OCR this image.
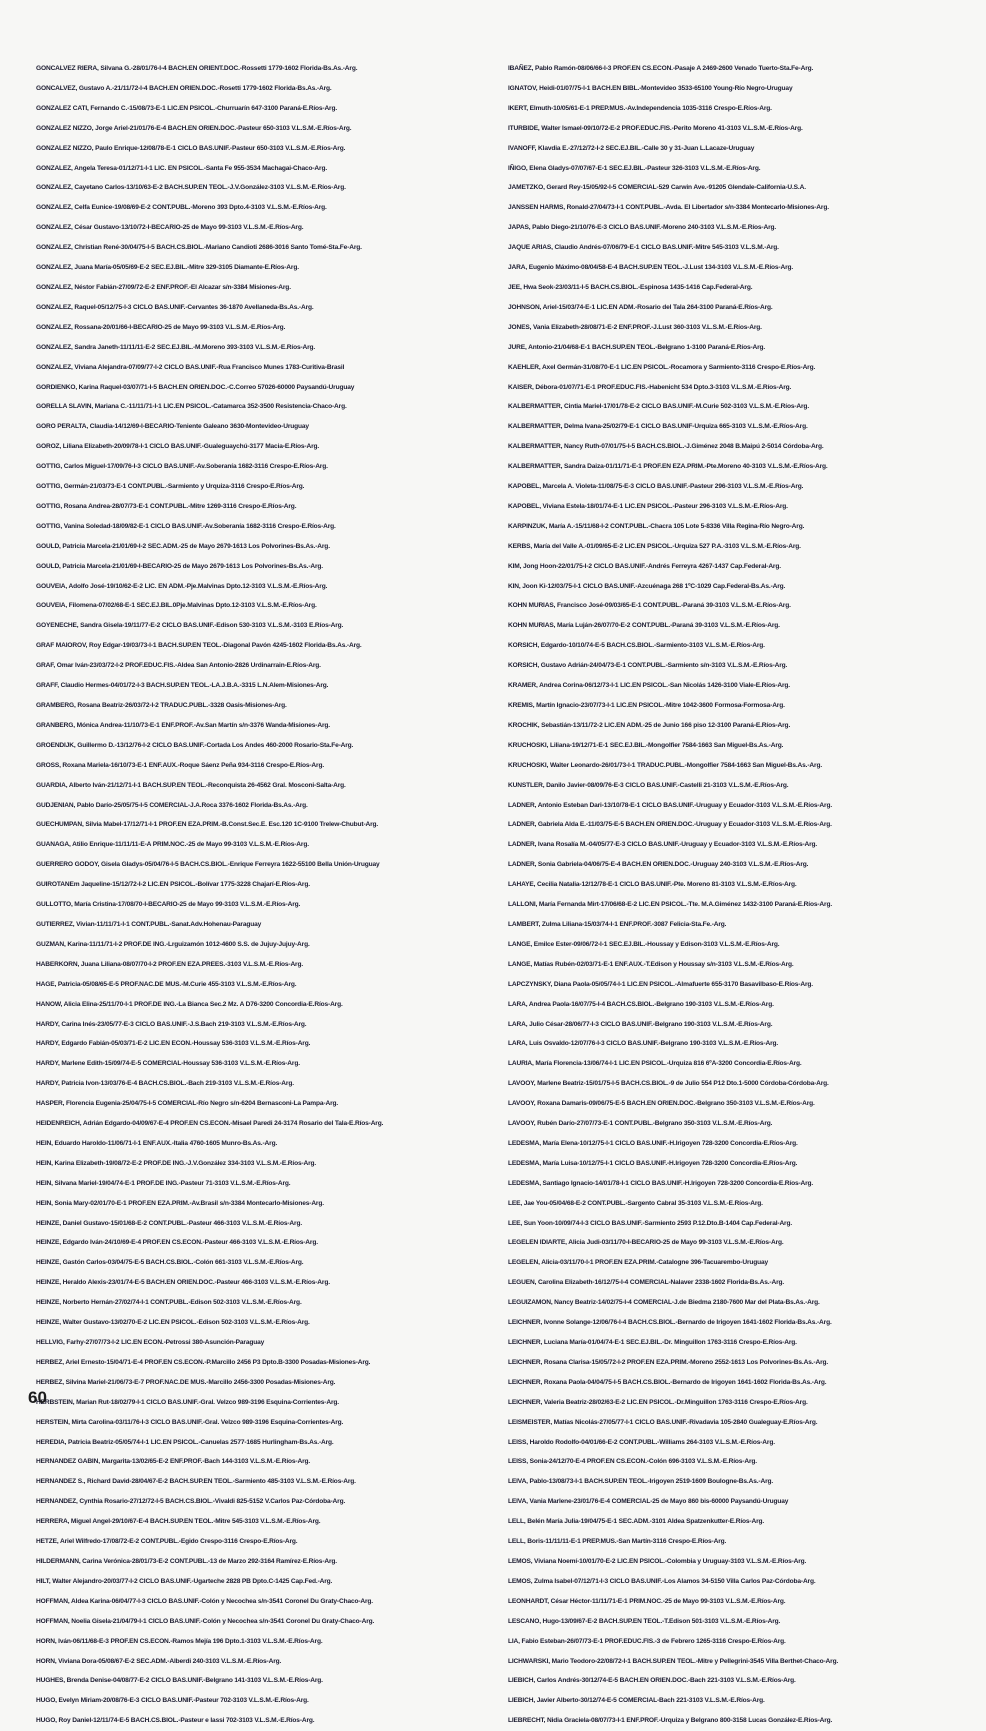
GONCALVEZ RIERA, Silvana G.-28/01/76-I-4 BACH.EN ORIENT.DOC.-Rossetti 1779-1602 Florida-Bs.As.-Arg.
GONCALVEZ, Gustavo A.-21/11/72-I-4 BACH.EN ORIEN.DOC.-Rosetti 1779-1602 Florida-Bs.As.-Arg.
GONZALEZ CATI, Fernando C.-15/08/73-E-1 LIC.EN PSICOL.-Churruarín 647-3100 Paraná-E.Ríos-Arg.
GONZALEZ NIZZO, Jorge Ariel-21/01/76-E-4 BACH.EN ORIEN.DOC.-Pasteur 650-3103 V.L.S.M.-E.Ríos-Arg.
GONZALEZ NIZZO, Paulo Enrique-12/08/78-E-1 CICLO BAS.UNIF.-Pasteur 650-3103 V.L.S.M.-E.Ríos-Arg.
GONZALEZ, Angela Teresa-01/12/71-I-1 LIC. EN PSICOL.-Santa Fe 955-3534 Machagai-Chaco-Arg.
GONZALEZ, Cayetano Carlos-13/10/63-E-2 BACH.SUP.EN TEOL.-J.V.González-3103 V.L.S.M.-E.Ríos-Arg.
GONZALEZ, Celfa Eunice-19/08/69-E-2 CONT.PUBL.-Moreno 393 Dpto.4-3103 V.L.S.M.-E.Ríos-Arg.
GONZALEZ, César Gustavo-13/10/72-I-BECARIO-25 de Mayo 99-3103 V.L.S.M.-E.Ríos-Arg.
GONZALEZ, Christian René-30/04/75-I-5 BACH.CS.BIOL.-Mariano Candioti 2686-3016 Santo Tomé-Sta.Fe-Arg.
GONZALEZ, Juana María-05/05/69-E-2 SEC.EJ.BIL.-Mitre 329-3105 Diamante-E.Ríos-Arg.
GONZALEZ, Néstor Fabián-27/09/72-E-2 ENF.PROF.-El Alcazar s/n-3384 Misiones-Arg.
GONZALEZ, Raquel-05/12/75-I-3 CICLO BAS.UNIF.-Cervantes 36-1870 Avellaneda-Bs.As.-Arg.
GONZALEZ, Rossana-20/01/66-I-BECARIO-25 de Mayo 99-3103 V.L.S.M.-E.Ríos-Arg.
GONZALEZ, Sandra Janeth-11/11/11-E-2 SEC.EJ.BIL.-M.Moreno 393-3103 V.L.S.M.-E.Ríos-Arg.
GONZALEZ, Viviana Alejandra-07/09/77-I-2 CICLO BAS.UNIF.-Rua Francisco Munes 1783-Curitiva-Brasil
GORDIENKO, Karina Raquel-03/07/71-I-5 BACH.EN ORIEN.DOC.-C.Correo 57026-60000 Paysandú-Uruguay
GORELLA SLAVIN, Mariana C.-11/11/71-I-1 LIC.EN PSICOL.-Catamarca 352-3500 Resistencia-Chaco-Arg.
GORO PERALTA, Claudia-14/12/69-I-BECARIO-Teniente Galeano 3630-Montevideo-Uruguay
GOROZ, Liliana Elizabeth-20/09/78-I-1 CICLO BAS.UNIF.-Gualeguaychú-3177 Macia-E.Ríos-Arg.
GOTTIG, Carlos Miguel-17/09/76-I-3 CICLO BAS.UNIF.-Av.Soberanía 1682-3116 Crespo-E.Ríos-Arg.
GOTTIG, Germán-21/03/73-E-1 CONT.PUBL.-Sarmiento y Urquiza-3116 Crespo-E.Ríos-Arg.
GOTTIG, Rosana Andrea-28/07/73-E-1 CONT.PUBL.-Mitre 1269-3116 Crespo-E.Ríos-Arg.
GOTTIG, Vanina Soledad-18/09/82-E-1 CICLO BAS.UNIF.-Av.Soberanía 1682-3116 Crespo-E.Ríos-Arg.
GOULD, Patricia Marcela-21/01/69-I-2 SEC.ADM.-25 de Mayo 2679-1613 Los Polvorines-Bs.As.-Arg.
GOULD, Patricia Marcela-21/01/69-I-BECARIO-25 de Mayo 2679-1613 Los Polvorines-Bs.As.-Arg.
GOUVEIA, Adolfo José-19/10/62-E-2 LIC. EN ADM.-Pje.Malvinas Dpto.12-3103 V.L.S.M.-E.Ríos-Arg.
GOUVEIA, Filomena-07/02/68-E-1 SEC.EJ.BIL.0Pje.Malvinas Dpto.12-3103 V.L.S.M.-E.Ríos-Arg.
GOYENECHE, Sandra Gisela-19/11/77-E-2 CICLO BAS.UNIF.-Edison 530-3103 V.L.S.M.-3103 E.Ríos-Arg.
GRAF MAIOROV, Roy Edgar-19/03/73-I-1 BACH.SUP.EN TEOL.-Diagonal Pavón 4245-1602 Florida-Bs.As.-Arg.
GRAF, Omar Iván-23/03/72-I-2 PROF.EDUC.FIS.-Aldea San Antonio-2826 Urdinarrain-E.Ríos-Arg.
GRAFF, Claudio Hermes-04/01/72-I-3 BACH.SUP.EN TEOL.-LA.J.B.A.-3315 L.N.Alem-Misiones-Arg.
GRAMBERG, Rosana Beatriz-26/03/72-I-2 TRADUC.PUBL.-3328 Oasis-Misiones-Arg.
GRANBERG, Mónica Andrea-11/10/73-E-1 ENF.PROF.-Av.San Martín s/n-3376 Wanda-Misiones-Arg.
GROENDIJK, Guillermo D.-13/12/76-I-2 CICLO BAS.UNIF.-Cortada Los Andes 460-2000 Rosario-Sta.Fe-Arg.
GROSS, Roxana Mariela-16/10/73-E-1 ENF.AUX.-Roque Sáenz Peña 934-3116 Crespo-E.Ríos-Arg.
GUARDIA, Alberto Iván-21/12/71-I-1 BACH.SUP.EN TEOL.-Reconquista 26-4562 Gral. Mosconi-Salta-Arg.
GUDJENIAN, Pablo Darío-25/05/75-I-5 COMERCIAL-J.A.Roca 3376-1602 Florida-Bs.As.-Arg.
GUECHUMPAN, Silvia Mabel-17/12/71-I-1 PROF.EN EZA.PRIM.-B.Const.Sec.E. Esc.120 1C-9100 Trelew-Chubut-Arg.
GUANAGA, Atilio Enrique-11/11/11-E-A PRIM.NOC.-25 de Mayo 99-3103 V.L.S.M.-E.Ríos-Arg.
GUERRERO GODOY, Gisela Gladys-05/04/76-I-5 BACH.CS.BIOL.-Enrique Ferreyra 1622-55100 Bella Unión-Uruguay
GUIROTANEm Jaqueline-15/12/72-I-2 LIC.EN PSICOL.-Bolívar 1775-3228 Chajarí-E.Ríos-Arg.
GULLOTTO, María Cristina-17/08/70-I-BECARIO-25 de Mayo 99-3103 V.L.S.M.-E.Ríos-Arg.
GUTIERREZ, Vivian-11/11/71-I-1 CONT.PUBL.-Sanat.Adv.Hohenau-Paraguay
GUZMAN, Karina-11/11/71-I-2 PROF.DE ING.-Lrguizamón 1012-4600 S.S. de Jujuy-Jujuy-Arg.
HABERKORN, Juana Liliana-08/07/70-I-2 PROF.EN EZA.PREES.-3103 V.L.S.M.-E.Ríos-Arg.
HAGE, Patricia-05/08/65-E-5 PROF.NAC.DE MUS.-M.Curie 455-3103 V.L.S.M.-E.Ríos-Arg.
HANOW, Alicia Elina-25/11/70-I-1 PROF.DE ING.-La Bianca Sec.2 Mz. A D76-3200 Concordia-E.Ríos-Arg.
HARDY, Carina Inés-23/05/77-E-3 CICLO BAS.UNIF.-J.S.Bach 219-3103 V.L.S.M.-E.Ríos-Arg.
HARDY, Edgardo Fabián-05/03/71-E-2 LIC.EN ECON.-Houssay 536-3103 V.L.S.M.-E.Ríos-Arg.
HARDY, Marlene Edith-15/09/74-E-5 COMERCIAL-Houssay 536-3103 V.L.S.M.-E.Ríos-Arg.
HARDY, Patricia Ivon-13/03/76-E-4 BACH.CS.BIOL.-Bach 219-3103 V.L.S.M.-E.Ríos-Arg.
HASPER, Florencia Eugenia-25/04/75-I-5 COMERCIAL-Río Negro s/n-6204 Bernasconi-La Pampa-Arg.
HEIDENREICH, Adrián Edgardo-04/09/67-E-4 PROF.EN CS.ECON.-Misael Paredi 24-3174 Rosario del Tala-E.Ríos-Arg.
HEIN, Eduardo Haroldo-11/06/71-I-1 ENF.AUX.-Italia 4760-1605 Munro-Bs.As.-Arg.
HEIN, Karina Elizabeth-19/08/72-E-2 PROF.DE ING.-J.V.González 334-3103 V.L.S.M.-E.Ríos-Arg.
HEIN, Silvana Mariel-19/04/74-E-1 PROF.DE ING.-Pasteur 71-3103 V.L.S.M.-E.Ríos-Arg.
HEIN, Sonia Mary-02/01/70-E-1 PROF.EN EZA.PRIM.-Av.Brasil s/n-3384 Montecarlo-Misiones-Arg.
HEINZE, Daniel Gustavo-15/01/68-E-2 CONT.PUBL.-Pasteur 466-3103 V.L.S.M.-E.Ríos-Arg.
HEINZE, Edgardo Iván-24/10/69-E-4 PROF.EN CS.ECON.-Pasteur 466-3103 V.L.S.M.-E.Ríos-Arg.
HEINZE, Gastón Carlos-03/04/75-E-5 BACH.CS.BIOL.-Colón 661-3103 V.L.S.M.-E.Ríos-Arg.
HEINZE, Heraldo Alexis-23/01/74-E-5 BACH.EN ORIEN.DOC.-Pasteur 466-3103 V.L.S.M.-E.Ríos-Arg.
HEINZE, Norberto Hernán-27/02/74-I-1 CONT.PUBL.-Edison 502-3103 V.L.S.M.-E.Ríos-Arg.
HEINZE, Walter Gustavo-13/02/70-E-2 LIC.EN PSICOL.-Edison 502-3103 V.L.S.M.-E.Ríos-Arg.
HELLVIG, Farhy-27/07/73-I-2 LIC.EN ECON.-Petrossi 380-Asunción-Paraguay
HERBEZ, Ariel Ernesto-15/04/71-E-4 PROF.EN CS.ECON.-P.Marcillo 2456 P3 Dpto.B-3300 Posadas-Misiones-Arg.
HERBEZ, Silvina Mariel-21/06/73-E-7 PROF.NAC.DE MUS.-Marcillo 2456-3300 Posadas-Misiones-Arg.
HERBSTEIN, Marian Rut-18/02/79-I-1 CICLO BAS.UNIF.-Gral. Velzco 989-3196 Esquina-Corrientes-Arg.
HERSTEIN, Mirta Carolina-03/11/76-I-3 CICLO BAS.UNIF.-Gral. Velzco 989-3196 Esquina-Corrientes-Arg.
HEREDIA, Patricia Beatriz-05/05/74-I-1 LIC.EN PSICOL.-Canuelas 2577-1685 Hurlingham-Bs.As.-Arg.
HERNANDEZ GABIN, Margarita-13/02/65-E-2 ENF.PROF.-Bach 144-3103 V.L.S.M.-E.Ríos-Arg.
HERNANDEZ S., Richard David-28/04/67-E-2 BACH.SUP.EN TEOL.-Sarmiento 485-3103 V.L.S.M.-E.Ríos-Arg.
HERNANDEZ, Cynthia Rosario-27/12/72-I-5 BACH.CS.BIOL.-Vivaldi 825-5152 V.Carlos Paz-Córdoba-Arg.
HERRERA, Miguel Angel-29/10/67-E-4 BACH.SUP.EN TEOL.-Mitre 545-3103 V.L.S.M.-E.Ríos-Arg.
HETZE, Ariel Wilfredo-17/08/72-E-2 CONT.PUBL.-Egido Crespo-3116 Crespo-E.Ríos-Arg.
HILDERMANN, Carina Verónica-28/01/73-E-2 CONT.PUBL.-13 de Marzo 292-3164 Ramírez-E.Ríos-Arg.
HILT, Walter Alejandro-20/03/77-I-2 CICLO BAS.UNIF.-Ugarteche 2828 PB Dpto.C-1425 Cap.Fed.-Arg.
HOFFMAN, Aldea Karina-06/04/77-I-3 CICLO BAS.UNIF.-Colón y Necochea s/n-3541 Coronel Du Graty-Chaco-Arg.
HOFFMAN, Noelia Gisela-21/04/79-I-1 CICLO BAS.UNIF.-Colón y Necochea s/n-3541 Coronel Du Graty-Chaco-Arg.
HORN, Iván-06/11/68-E-3 PROF.EN CS.ECON.-Ramos Mejía 196 Dpto.1-3103 V.L.S.M.-E.Ríos-Arg.
HORN, Viviana Dora-05/08/67-E-2 SEC.ADM.-Alberdi 240-3103 V.L.S.M.-E.Ríos-Arg.
HUGHES, Brenda Denise-04/08/77-E-2 CICLO BAS.UNIF.-Belgrano 141-3103 V.L.S.M.-E.Ríos-Arg.
HUGO, Evelyn Miriam-20/08/76-E-3 CICLO BAS.UNIF.-Pasteur 702-3103 V.L.S.M.-E.Ríos-Arg.
HUGO, Roy Daniel-12/11/74-E-5 BACH.CS.BIOL.-Pasteur e Iassi 702-3103 V.L.S.M.-E.Ríos-Arg.
IBAÑEZ, Pablo Ramón-08/06/66-I-3 PROF.EN CS.ECON.-Pasaje A 2469-2600 Venado Tuerto-Sta.Fe-Arg.
IGNATOV, Heidi-01/07/75-I-1 BACH.EN BIBL.-Montevideo 3533-65100 Young-Río Negro-Uruguay
IKERT, Elmuth-10/05/61-E-1 PREP.MUS.-Av.Independencia 1035-3116 Crespo-E.Ríos-Arg.
ITURBIDE, Walter Ismael-09/10/72-E-2 PROF.EDUC.FIS.-Perito Moreno 41-3103 V.L.S.M.-E.Ríos-Arg.
IVANOFF, Klavdia E.-27/12/72-I-2 SEC.EJ.BIL.-Calle 30 y 31-Juan L.Lacaze-Uruguay
IÑIGO, Elena Gladys-07/07/67-E-1 SEC.EJ.BIL.-Pasteur 326-3103 V.L.S.M.-E.Ríos-Arg.
JAMETZKO, Gerard Rey-15/05/92-I-5 COMERCIAL-529 Carwin Ave.-91205 Glendale-California-U.S.A.
JANSSEN HARMS, Ronald-27/04/73-I-1 CONT.PUBL.-Avda. El Libertador s/n-3384 Montecarlo-Misiones-Arg.
JAPAS, Pablo Diego-21/10/76-E-3 CICLO BAS.UNIF.-Moreno 240-3103 V.L.S.M.-E.Ríos-Arg.
JAQUE ARIAS, Claudio Andrés-07/06/79-E-1 CICLO BAS.UNIF.-Mitre 545-3103 V.L.S.M.-Arg.
JARA, Eugenio Máximo-08/04/58-E-4 BACH.SUP.EN TEOL.-J.Lust 134-3103 V.L.S.M.-E.Ríos-Arg.
JEE, Hwa Seok-23/03/11-I-5 BACH.CS.BIOL.-Espinosa 1435-1416 Cap.Federal-Arg.
JOHNSON, Ariel-15/03/74-E-1 LIC.EN ADM.-Rosario del Tala 264-3100 Paraná-E.Ríos-Arg.
JONES, Vania Elizabeth-28/08/71-E-2 ENF.PROF.-J.Lust 360-3103 V.L.S.M.-E.Ríos-Arg.
JURE, Antonio-21/04/68-E-1 BACH.SUP.EN TEOL.-Belgrano 1-3100 Paraná-E.Ríos-Arg.
KAEHLER, Axel Germán-31/08/70-E-1 LIC.EN PSICOL.-Rocamora y Sarmiento-3116 Crespo-E.Ríos-Arg.
KAISER, Débora-01/07/71-E-1 PROF.EDUC.FIS.-Habenicht 534 Dpto.3-3103 V.L.S.M.-E.Ríos-Arg.
KALBERMATTER, Cintia Mariel-17/01/78-E-2 CICLO BAS.UNIF.-M.Curie 502-3103 V.L.S.M.-E.Ríos-Arg.
KALBERMATTER, Delma Ivana-25/02/79-E-1 CICLO BAS.UNIF-Urquiza 665-3103 V.L.S.M.-E.Ríos-Arg.
KALBERMATTER, Nancy Ruth-07/01/75-I-5 BACH.CS.BIOL.-J.Giménez 2048 B.Maipú 2-5014 Córdoba-Arg.
KALBERMATTER, Sandra Daiza-01/11/71-E-1 PROF.EN EZA.PRIM.-Pte.Moreno 40-3103 V.L.S.M.-E.Ríos-Arg.
KAPOBEL, Marcela A. Violeta-11/08/75-E-3 CICLO BAS.UNIF.-Pasteur 296-3103 V.L.S.M.-E.Ríos-Arg.
KAPOBEL, Viviana Estela-18/01/74-E-1 LIC.EN PSICOL.-Pasteur 296-3103 V.L.S.M.-E.Ríos-Arg.
KARPINZUK, María A.-15/11/68-I-2 CONT.PUBL.-Chacra 105 Lote 5-8336 Villa Regina-Río Negro-Arg.
KERBS, María del Valle A.-01/09/65-E-2 LIC.EN PSICOL.-Urquiza 527 P.A.-3103 V.L.S.M.-E.Ríos-Arg.
KIM, Jong Hoon-22/01/75-I-2 CICLO BAS.UNIF.-Andrés Ferreyra 4267-1437 Cap.Federal-Arg.
KIN, Joon Ki-12/03/75-I-1 CICLO BAS.UNIF.-Azcuénaga 268 1ºC-1029 Cap.Federal-Bs.As.-Arg.
KOHN MURIAS, Francisco José-09/03/65-E-1 CONT.PUBL.-Paraná 39-3103 V.L.S.M.-E.Ríos-Arg.
KOHN MURIAS, María Luján-26/07/70-E-2 CONT.PUBL.-Paraná 39-3103 V.L.S.M.-E.Ríos-Arg.
KORSICH, Edgardo-10/10/74-E-5 BACH.CS.BIOL.-Sarmiento-3103 V.L.S.M.-E.Ríos-Arg.
KORSICH, Gustavo Adrián-24/04/73-E-1 CONT.PUBL.-Sarmiento s/n-3103 V.L.S.M.-E.Ríos-Arg.
KRAMER, Andrea Corina-06/12/73-I-1 LIC.EN PSICOL.-San Nicolás 1426-3100 Viale-E.Ríos-Arg.
KREMIS, Martín Ignacio-23/07/73-I-1 LIC.EN PSICOL.-Mitre 1042-3600 Formosa-Formosa-Arg.
KROCHIK, Sebastián-13/11/72-2 LIC.EN ADM.-25 de Junio 166 piso 12-3100 Paraná-E.Ríos-Arg.
KRUCHOSKI, Liliana-19/12/71-E-1 SEC.EJ.BIL.-Mongolfier 7584-1663 San Miguel-Bs.As.-Arg.
KRUCHOSKI, Walter Leonardo-26/01/73-I-1 TRADUC.PUBL.-Mongolfier 7584-1663 San Miguel-Bs.As.-Arg.
KUNSTLER, Danilo Javier-08/09/76-E-3 CICLO BAS.UNIF.-Castelli 21-3103 V.L.S.M.-E.Ríos-Arg.
LADNER, Antonio Esteban Dari-13/10/78-E-1 CICLO BAS.UNIF.-Uruguay y Ecuador-3103 V.L.S.M.-E.Ríos-Arg.
LADNER, Gabriela Alda E.-11/03/75-E-5 BACH.EN ORIEN.DOC.-Uruguay y Ecuador-3103 V.L.S.M.-E.Ríos-Arg.
LADNER, Ivana Rosalía M.-04/05/77-E-3 CICLO BAS.UNIF.-Uruguay y Ecuador-3103 V.L.S.M.-E.Ríos-Arg.
LADNER, Sonia Gabriela-04/06/75-E-4 BACH.EN ORIEN.DOC.-Uruguay 240-3103 V.L.S.M.-E.Ríos-Arg.
LAHAYE, Cecilia Natalia-12/12/78-E-1 CICLO BAS.UNIF.-Pte. Moreno 81-3103 V.L.S.M.-E.Ríos-Arg.
LALLONI, María Fernanda Mirt-17/06/68-E-2 LIC.EN PSICOL.-Tte. M.A.Giménez 1432-3100 Paraná-E.Ríos-Arg.
LAMBERT, Zulma Liliana-15/03/74-I-1 ENF.PROF.-3087 Felicia-Sta.Fe.-Arg.
LANGE, Emilce Ester-09/06/72-I-1 SEC.EJ.BIL.-Houssay y Edison-3103 V.L.S.M.-E.Ríos-Arg.
LANGE, Matías Rubén-02/03/71-E-1 ENF.AUX.-T.Edison y Houssay s/n-3103 V.L.S.M.-E.Ríos-Arg.
LAPCZYNSKY, Diana Paola-05/05/74-I-1 LIC.EN PSICOL.-Almafuerte 655-3170 Basavilbaso-E.Ríos-Arg.
LARA, Andrea Paola-16/07/75-I-4 BACH.CS.BIOL.-Belgrano 190-3103 V.L.S.M.-E.Ríos-Arg.
LARA, Julio César-28/06/77-I-3 CICLO BAS.UNIF.-Belgrano 190-3103 V.L.S.M.-E.Ríos-Arg.
LARA, Luis Osvaldo-12/07/76-I-3 CICLO BAS.UNIF.-Belgrano 190-3103 V.L.S.M.-E.Ríos-Arg.
LAURIA, María Florencia-13/06/74-I-1 LIC.EN PSICOL.-Urquiza 816 6ºA-3200 Concordia-E.Ríos-Arg.
LAVOOY, Marlene Beatriz-15/01/75-I-5 BACH.CS.BIOL.-9 de Julio 554 P12 Dto.1-5000 Córdoba-Córdoba-Arg.
LAVOOY, Roxana Damaris-09/06/75-E-5 BACH.EN ORIEN.DOC.-Belgrano 350-3103 V.L.S.M.-E.Ríos-Arg.
LAVOOY, Rubén Darío-27/07/73-E-1 CONT.PUBL.-Belgrano 350-3103 V.L.S.M.-E.Ríos-Arg.
LEDESMA, María Elena-10/12/75-I-1 CICLO BAS.UNIF.-H.Irigoyen 728-3200 Concordia-E.Ríos-Arg.
LEDESMA, María Luisa-10/12/75-I-1 CICLO BAS.UNIF.-H.Irigoyen 728-3200 Concordia-E.Ríos-Arg.
LEDESMA, Santiago Ignacio-14/01/78-I-1 CICLO BAS.UNIF.-H.Irigoyen 728-3200 Concordia-E.Ríos-Arg.
LEE, Jae You-05/04/68-E-2 CONT.PUBL.-Sargento Cabral 35-3103 V.L.S.M.-E.Ríos-Arg.
LEE, Sun Yoon-10/09/74-I-3 CICLO BAS.UNIF.-Sarmiento 2593 P.12.Dto.B-1404 Cap.Federal-Arg.
LEGELEN IDIARTE, Alicia Judi-03/11/70-I-BECARIO-25 de Mayo 99-3103 V.L.S.M.-E.Ríos-Arg.
LEGELEN, Alicia-03/11/70-I-1 PROF.EN EZA.PRIM.-Catalogne 396-Tacuarembo-Uruguay
LEGUEN, Carolina Elizabeth-16/12/75-I-4 COMERCIAL-Nalaver 2338-1602 Florida-Bs.As.-Arg.
LEGUIZAMON, Nancy Beatriz-14/02/75-I-4 COMERCIAL-J.de Biedma 2180-7600 Mar del Plata-Bs.As.-Arg.
LEICHNER, Ivonne Solange-12/06/76-I-4 BACH.CS.BIOL.-Bernardo de Irigoyen 1641-1602 Florida-Bs.As.-Arg.
LEICHNER, Luciana María-01/04/74-E-1 SEC.EJ.BIL.-Dr. Minguillon 1763-3116 Crespo-E.Ríos-Arg.
LEICHNER, Rosana Clarisa-15/05/72-I-2 PROF.EN EZA.PRIM.-Moreno 2552-1613 Los Polvorines-Bs.As.-Arg.
LEICHNER, Roxana Paola-04/04/75-I-5 BACH.CS.BIOL.-Bernardo de Irigoyen 1641-1602 Florida-Bs.As.-Arg.
LEICHNER, Valeria Beatriz-28/02/63-E-2 LIC.EN PSICOL.-Dr.Minguillon 1763-3116 Crespo-E.Ríos-Arg.
LEISMEISTER, Matías Nicolás-27/05/77-I-1 CICLO BAS.UNIF.-Rivadavia 105-2840 Gualeguay-E.Ríos-Arg.
LEISS, Haroldo Rodolfo-04/01/66-E-2 CONT.PUBL.-Williams 264-3103 V.L.S.M.-E.Ríos-Arg.
LEISS, Sonia-24/12/70-E-4 PROF.EN CS.ECON.-Colón 696-3103 V.L.S.M.-E.Ríos-Arg.
LEIVA, Pablo-13/08/73-I-1 BACH.SUP.EN TEOL.-Irigoyen 2519-1609 Boulogne-Bs.As.-Arg.
LEIVA, Vania Marlene-23/01/76-E-4 COMERCIAL-25 de Mayo 860 bis-60000 Paysandú-Uruguay
LELL, Belén María Julia-19/04/75-E-1 SEC.ADM.-3101 Aldea Spatzenkutter-E.Ríos-Arg.
LELL, Boris-11/11/11-E-1 PREP.MUS.-San Martín-3116 Crespo-E.Ríos-Arg.
LEMOS, Viviana Noemí-10/01/70-E-2 LIC.EN PSICOL.-Colombia y Uruguay-3103 V.L.S.M.-E.Ríos-Arg.
LEMOS, Zulma Isabel-07/12/71-I-3 CICLO BAS.UNIF.-Los Alamos 34-5150 Villa Carlos Paz-Córdoba-Arg.
LEONHARDT, César Héctor-11/11/71-E-1 PRIM.NOC.-25 de Mayo 99-3103 V.L.S.M.-E.Ríos-Arg.
LESCANO, Hugo-13/09/67-E-2 BACH.SUP.EN TEOL.-T.Edison 501-3103 V.L.S.M.-E.Ríos-Arg.
LIA, Fabio Esteban-26/07/73-E-1 PROF.EDUC.FIS.-3 de Febrero 1265-3116 Crespo-E.Ríos-Arg.
LICHWARSKI, Mario Teodoro-22/08/72-I-1 BACH.SUP.EN TEOL.-Mitre y Pellegrini-3545 Villa Berthet-Chaco-Arg.
LIEBICH, Carlos Andrés-30/12/74-E-5 BACH.EN ORIEN.DOC.-Bach 221-3103 V.L.S.M.-E.Ríos-Arg.
LIEBICH, Javier Alberto-30/12/74-E-5 COMERCIAL-Bach 221-3103 V.L.S.M.-E.Ríos-Arg.
LIEBRECHT, Nidia Graciela-08/07/73-I-1 ENF.PROF.-Urquiza y Belgrano 800-3158 Lucas González-E.Ríos-Arg.
60
